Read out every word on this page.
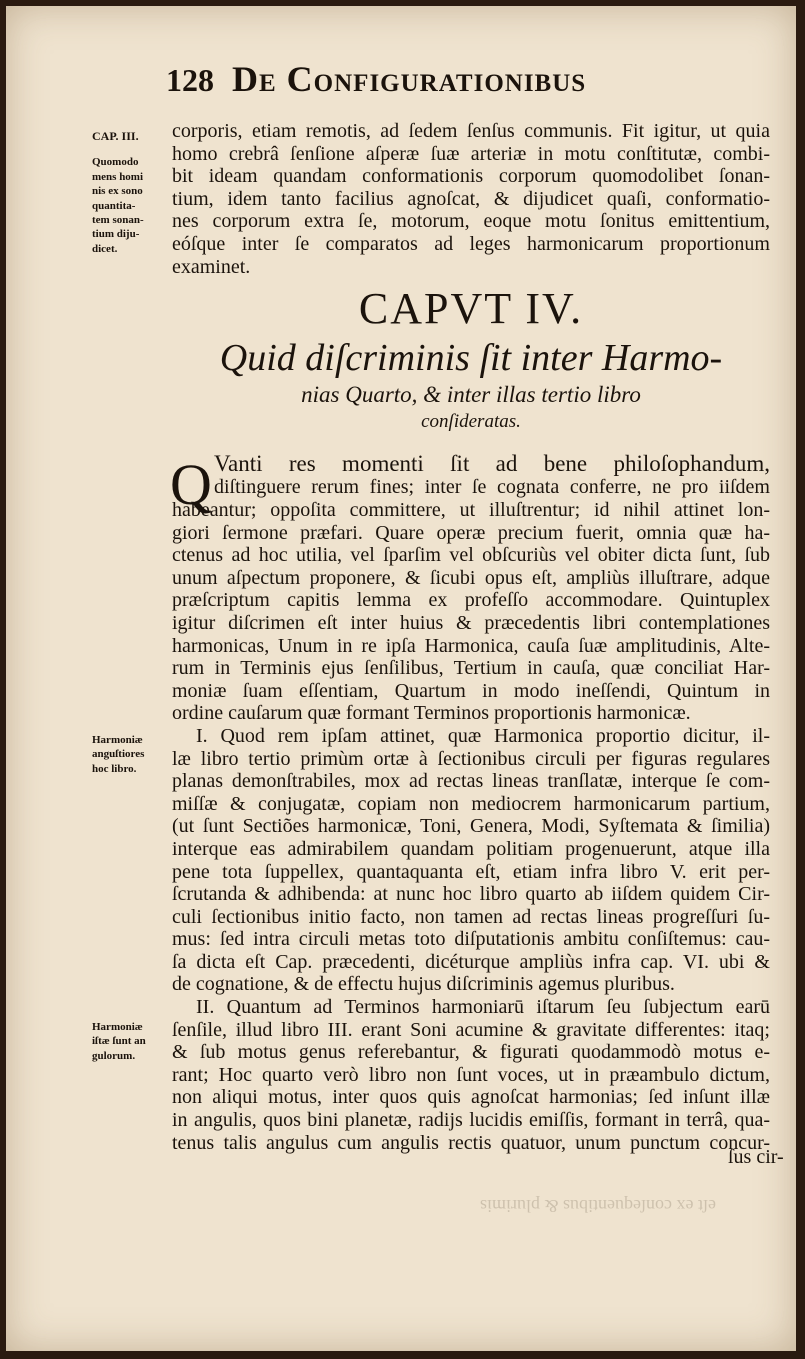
128 De Configurationibus
CAP. III.
Quomodo
mens homi
nis ex sono
quantita-
tem sonan-
tium diju-
dicet.
Harmoniæ
anguſtiores
hoc libro.
Harmoniæ
iſtæ ſunt an
gulorum.
corporis, etiam remotis, ad ſedem ſenſus communis. Fit igitur, ut quia
homo crebrâ ſenſione aſperæ ſuæ arteriæ in motu conſtitutæ, combi-
bit ideam quandam conformationis corporum quomodolibet ſonan-
tium, idem tanto facilius agnoſcat, & dijudicet quaſi, conformatio-
nes corporum extra ſe, motorum, eoque motu ſonitus emittentium,
eóſque inter ſe comparatos ad leges harmonicarum proportionum
examinet.
CAPVT IV.
Quid diſcriminis ſit inter Harmo-
nias Quarto, & inter illas tertio libro
conſideratas.
Q Vanti res momenti ſit ad bene philoſophandum,
diſtinguere rerum fines; inter ſe cognata conferre, ne pro iiſdem
habeantur; oppoſita committere, ut illuſtrentur; id nihil attinet lon-
giori ſermone præfari. Quare operæ precium fuerit, omnia quæ ha-
ctenus ad hoc utilia, vel ſparſim vel obſcuriùs vel obiter dicta ſunt, ſub
unum aſpectum proponere, & ſicubi opus eſt, ampliùs illuſtrare, adque
præſcriptum capitis lemma ex profeſſo accommodare. Quintuplex
igitur diſcrimen eſt inter huius & præcedentis libri contemplationes
harmonicas, Unum in re ipſa Harmonica, cauſa ſuæ amplitudinis, Alte-
rum in Terminis ejus ſenſilibus, Tertium in cauſa, quæ conciliat Har-
moniæ ſuam eſſentiam, Quartum in modo ineſſendi, Quintum in
ordine cauſarum quæ formant Terminos proportionis harmonicæ.
I. Quod rem ipſam attinet, quæ Harmonica proportio dicitur, il-
læ libro tertio primùm ortæ à ſectionibus circuli per figuras regulares
planas demonſtrabiles, mox ad rectas lineas tranſlatæ, interque ſe com-
miſſæ & conjugatæ, copiam non mediocrem harmonicarum partium,
(ut ſunt Sectiões harmonicæ, Toni, Genera, Modi, Syſtemata & ſimilia)
interque eas admirabilem quandam politiam progenuerunt, atque illa
pene tota ſuppellex, quantaquanta eſt, etiam infra libro V. erit per-
ſcrutanda & adhibenda: at nunc hoc libro quarto ab iiſdem quidem Cir-
culi ſectionibus initio facto, non tamen ad rectas lineas progreſſuri ſu-
mus: ſed intra circuli metas toto diſputationis ambitu conſiſtemus: cau-
ſa dicta eſt Cap. præcedenti, dicéturque ampliùs infra cap. VI. ubi &
de cognatione, & de effectu hujus diſcriminis agemus pluribus.
II. Quantum ad Terminos harmoniarū iſtarum ſeu ſubjectum earū
ſenſile, illud libro III. erant Soni acumine & gravitate differentes: itaq;
& ſub motus genus referebantur, & figurati quodammodò motus e-
rant; Hoc quarto verò libro non ſunt voces, ut in præambulo dictum,
non aliqui motus, inter quos quis agnoſcat harmonias; ſed inſunt illæ
in angulis, quos bini planetæ, radijs lucidis emiſſis, formant in terrâ, qua-
tenus talis angulus cum angulis rectis quatuor, unum punctum concur-
ſus cir-
eſt ex conſequentibus & plurimis
